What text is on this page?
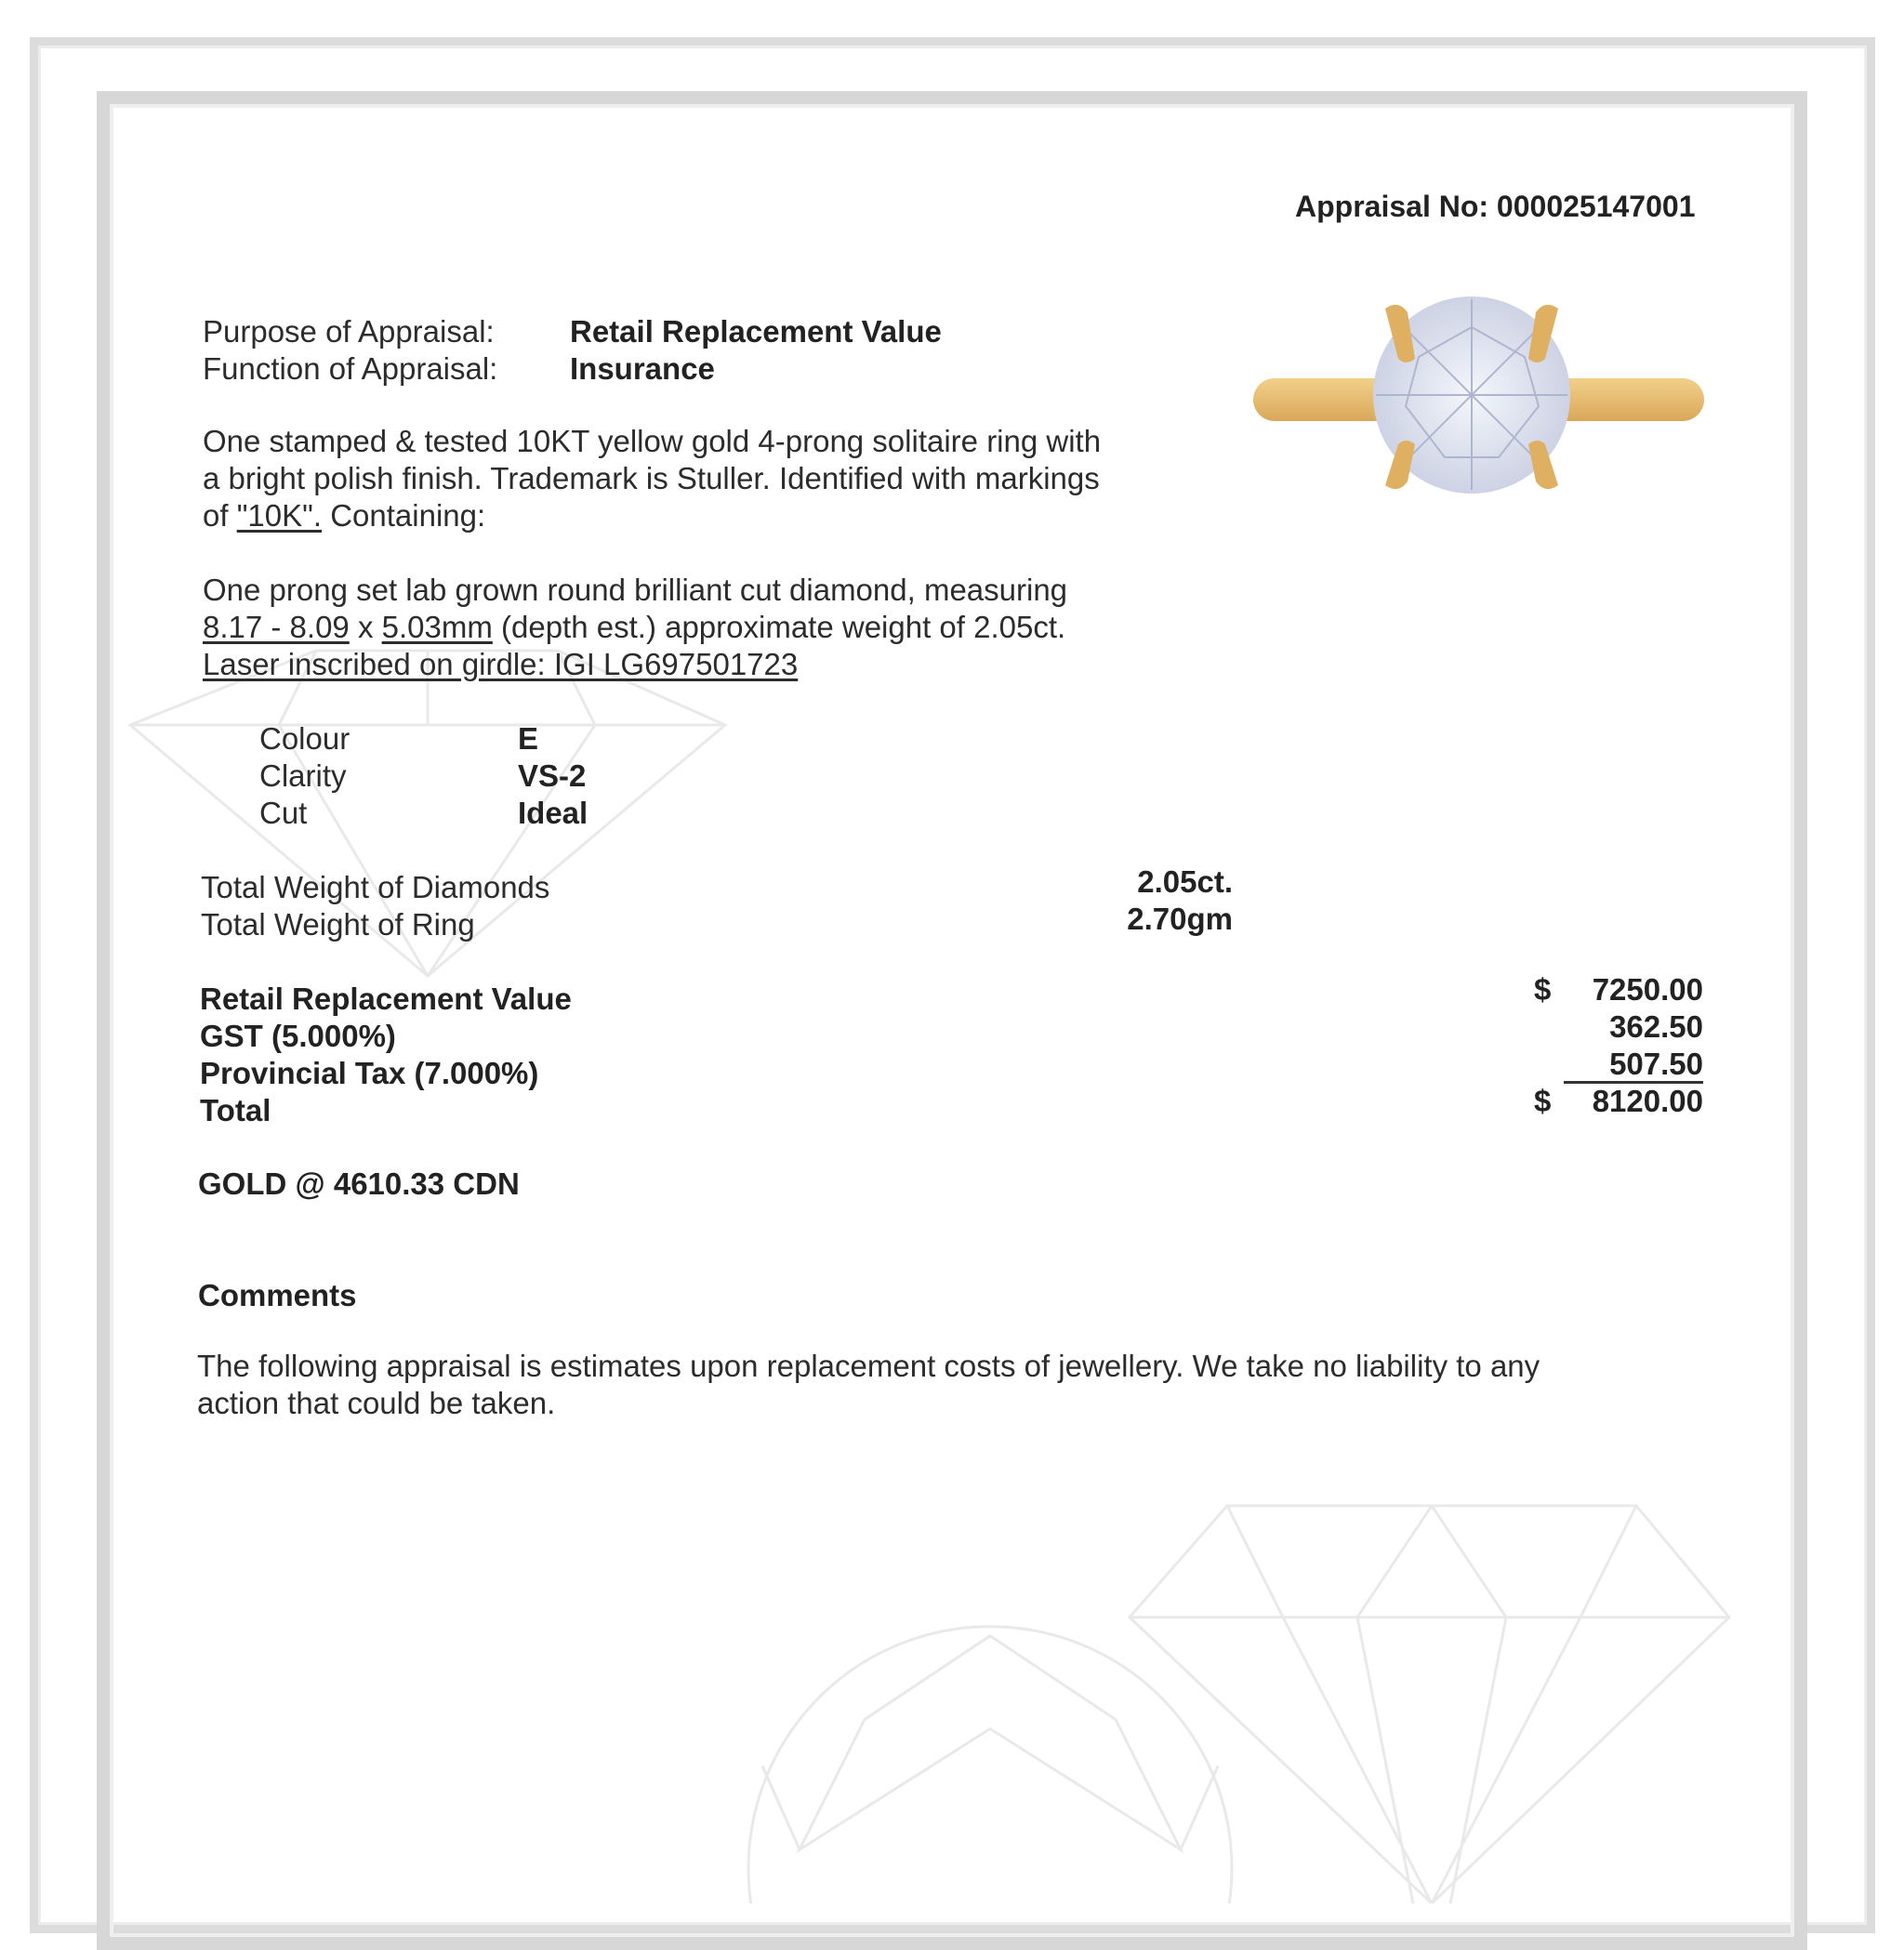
Appraisal No: 000025147001
Purpose of Appraisal: Retail Replacement Value
Function of Appraisal: Insurance
One stamped & tested 10KT yellow gold 4-prong solitaire ring with
a bright polish finish. Trademark is Stuller. Identified with markings
of "10K". Containing:
One prong set lab grown round brilliant cut diamond, measuring
8.17 - 8.09 x 5.03mm (depth est.) approximate weight of 2.05ct.
Laser inscribed on girdle: IGI LG697501723
Colour	E
Clarity	VS-2
Cut	Ideal
Total Weight of Diamonds	2.05ct.
Total Weight of Ring	2.70gm
Retail Replacement Value	$	7250.00
GST (5.000%)	362.50
Provincial Tax (7.000%)	507.50
Total	$	8120.00
GOLD @ 4610.33 CDN
Comments
The following appraisal is estimates upon replacement costs of jewellery. We take no liability to any
action that could be taken.
